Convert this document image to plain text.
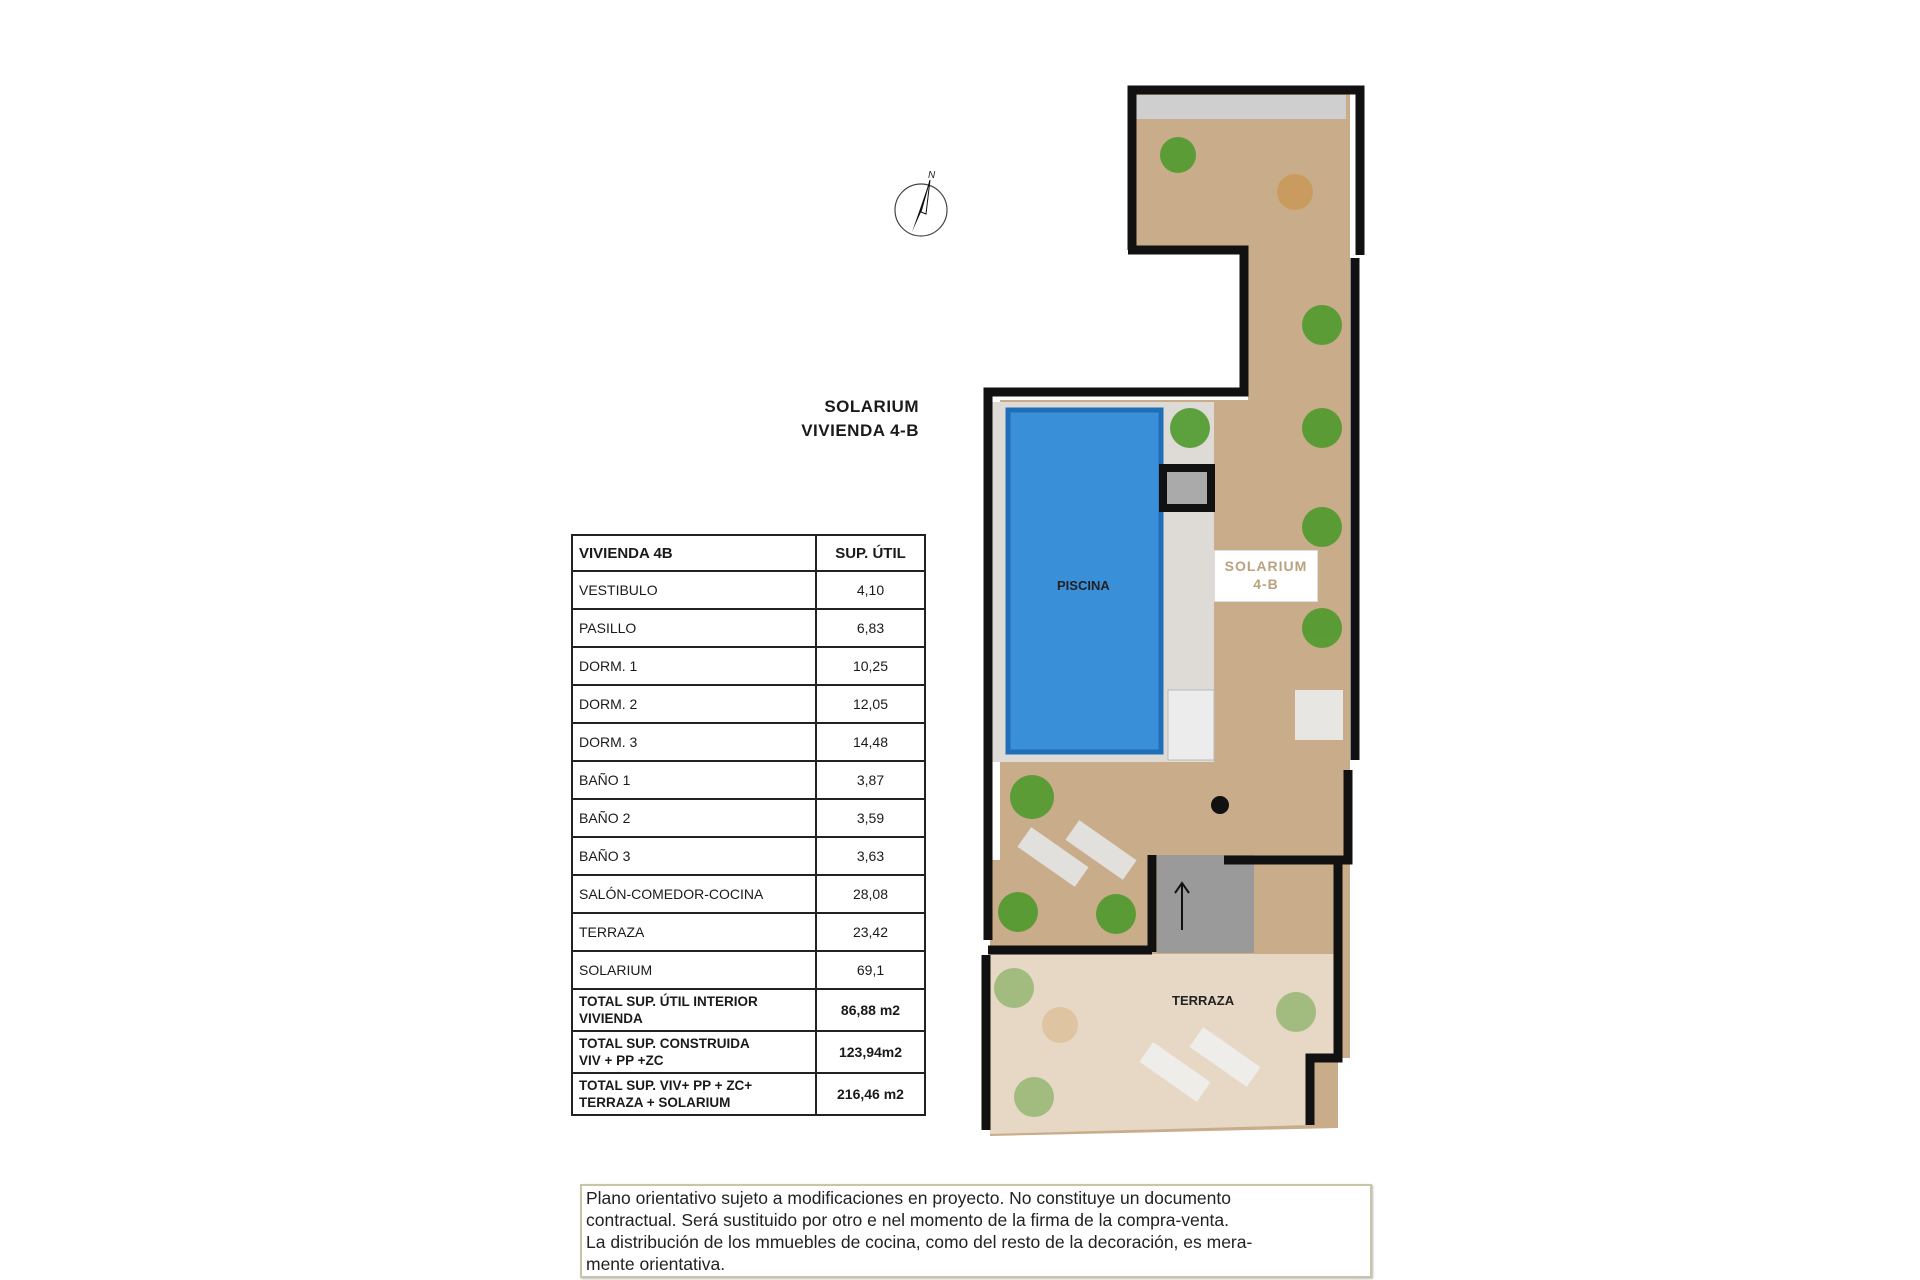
SOLARIUM
VIVIENDA 4-B
N
PISCINA
SOLARIUM
4-B
TERRAZA
VIVIENDA 4B	SUP. ÚTIL
VESTIBULO	4,10
PASILLO	6,83
DORM. 1	10,25
DORM. 2	12,05
DORM. 3	14,48
BAÑO 1	3,87
BAÑO 2	3,59
BAÑO 3	3,63
SALÓN-COMEDOR-COCINA	28,08
TERRAZA	23,42
SOLARIUM	69,1

TOTAL SUP. ÚTIL INTERIOR
VIVIENDA	86,88 m2

TOTAL SUP. CONSTRUIDA
VIV + PP +ZC	123,94m2

TOTAL SUP. VIV+ PP + ZC+
TERRAZA + SOLARIUM	216,46 m2
Plano orientativo sujeto a modificaciones en proyecto. No constituye un documento
contractual. Será sustituido por otro e nel momento de la firma de la compra-venta.
La distribución de los mmuebles de cocina, como del resto de la decoración, es mera-
mente orientativa.
